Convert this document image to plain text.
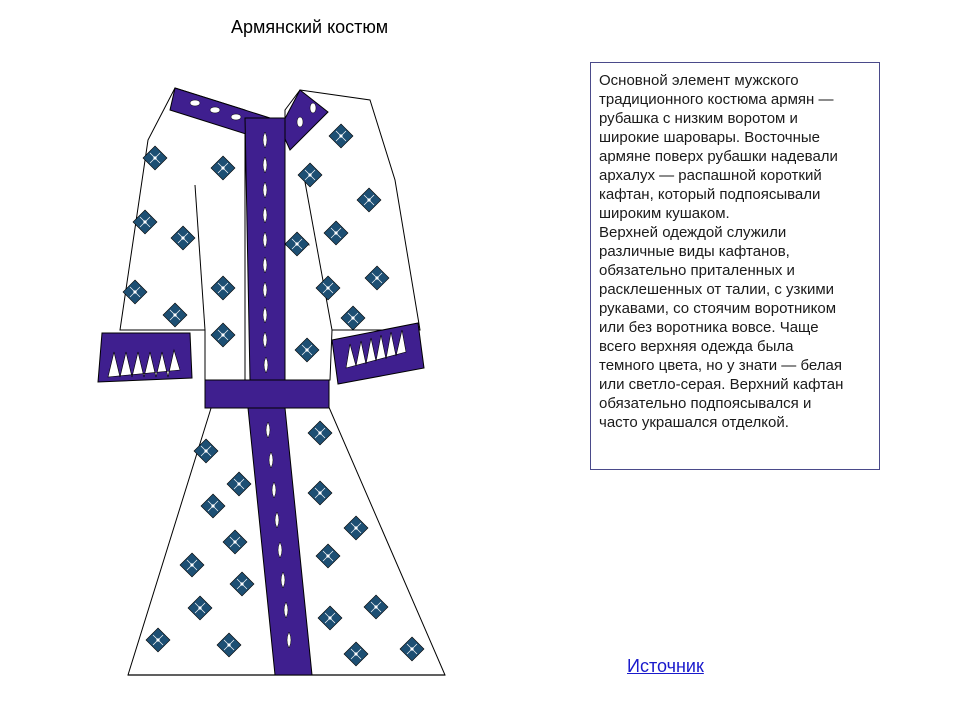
Армянский костюм

Основной элемент мужского
традиционного костюма армян —
рубашка с низким воротом и
широкие шаровары. Восточные
армяне поверх рубашки надевали
архалух — распашной короткий
кафтан, который подпоясывали
широким кушаком.

Верхней одеждой служили
различные виды кафтанов,
обязательно приталенных и
расклешенных от талии, с узкими
рукавами, со стоячим воротником
или без воротника вовсе. Чаще
всего верхняя одежда была
темного цвета, но у знати — белая
или светло-серая. Верхний кафтан
обязательно подпоясывался и
часто украшался отделкой.

Источник
